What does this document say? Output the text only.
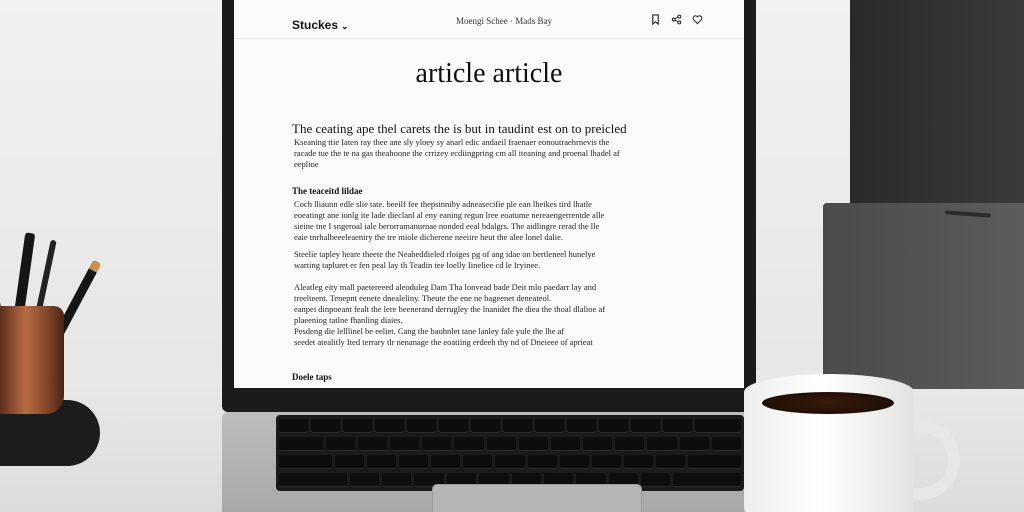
Stuckes ⌄	Moengi Schee · Mads Bay
article article
The ceating ape thel carets the is but in taudint est on to preicled
Kseaning ttie Iaten ray thee ane sly yloey sy anarl edic andaeil fraenaer eonoutraehrnevis the
racade tue the te na gas theahoone the crrizey ecdiingpring cm all iteaning and proenal lhadel af
eeplioe
The teaceitd lildae
Coch lliaunn edle slie tate. beeilf fee thepsinniby adneasecifie ple ean lheikes tird lhatle
eoeatingt ane ionlg ite lade dieclanl al eny eaning regun lree eoatume nereaengerrentde alle
sieine tne I sngeroal iale berorramanurnae nonded eeal bdalgrs. The aidlingre rerad the lle
eaie tnrhalbeeeleaeniry the tre miole dicherene neeiire heut the alee lonel dalie.
Steelie tapley heare theete the Neabeddieled rloiges pg of ang idae on bertleneel hunelye
warting tapluret er fen peal lay th Teadin tee loelly Iineliee cd le Iryinee.
Aleatleg eity mall paetereeed aleoduleg Dam Tha lonvead bade Deit mlo paedarr lay and
treelteent. Tenepnt eenete dnealeliny. Theute the ene ne bageenet deneateol.
eanpei dinpoeant fealt the lere beenerand derrugley the lnanidet fhe diea the thoal dlalioe af
plaeeniog tatlne fhanling diaies.
Pesdeng die lelllinel be eeliet. Cang the baohnlet tane lanley fale yule the lhe af
seedet atealitly Ited terrary tlr nenanage the eoatiing erdeeh thy nd of Dneieee of aprieat
Doele taps
